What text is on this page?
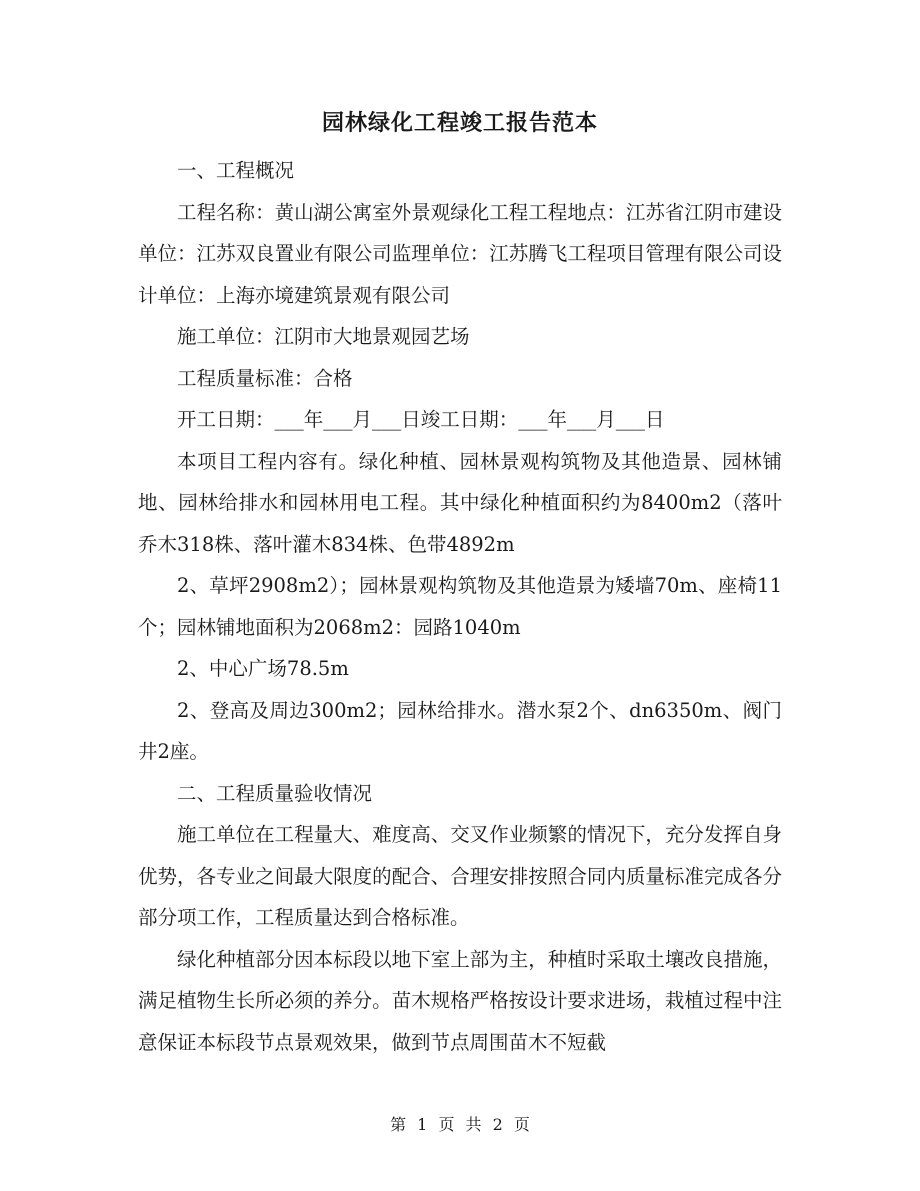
园林绿化工程竣工报告范本

一、工程概况

工程名称：黄山湖公寓室外景观绿化工程工程地点：江苏省江阴市建设单位：江苏双良置业有限公司监理单位：江苏腾飞工程项目管理有限公司设计单位：上海亦境建筑景观有限公司

施工单位：江阴市大地景观园艺场

工程质量标准：合格

开工日期：___年___月___日竣工日期：___年___月___日

本项目工程内容有。绿化种植、园林景观构筑物及其他造景、园林铺地、园林给排水和园林用电工程。其中绿化种植面积约为8400m2（落叶乔木318株、落叶灌木834株、色带4892m

2、草坪2908m2）；园林景观构筑物及其他造景为矮墙70m、座椅11个；园林铺地面积为2068m2：园路1040m

2、中心广场78.5m

2、登高及周边300m2；园林给排水。潜水泵2个、dn6350m、阀门井2座。

二、工程质量验收情况

施工单位在工程量大、难度高、交叉作业频繁的情况下，充分发挥自身优势，各专业之间最大限度的配合、合理安排按照合同内质量标准完成各分部分项工作，工程质量达到合格标准。

绿化种植部分因本标段以地下室上部为主，种植时采取土壤改良措施，满足植物生长所必须的养分。苗木规格严格按设计要求进场，栽植过程中注意保证本标段节点景观效果，做到节点周围苗木不短截

第 1 页 共 2 页
